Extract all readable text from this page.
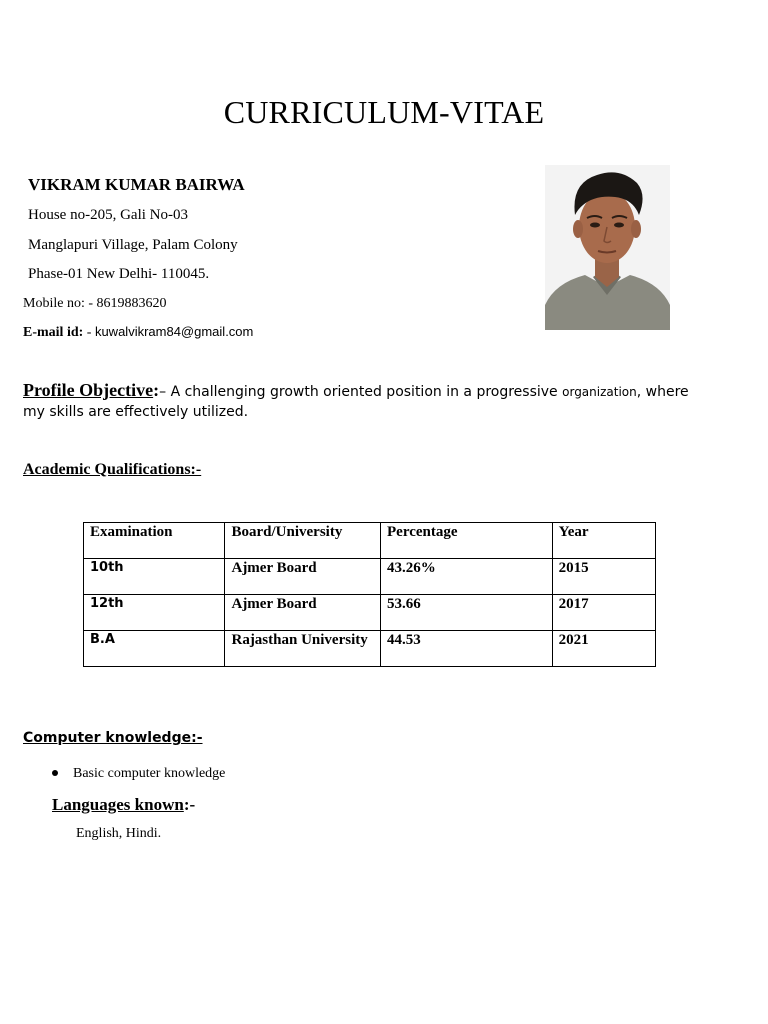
CURRICULUM-VITAE
VIKRAM KUMAR BAIRWA
House no-205, Gali No-03
Manglapuri Village, Palam Colony
Phase-01 New Delhi- 110045.
Mobile no: - 8619883620
E-mail id: - kuwalvikram84@gmail.com
Profile Objective:– A challenging growth oriented position in a progressive organization, where my skills are effectively utilized.
Academic Qualifications:-
Examination	Board/University	Percentage	Year
10th	Ajmer Board	43.26%	2015
12th	Ajmer Board	53.66	2017
B.A	Rajasthan University	44.53	2021
Computer knowledge:-
Basic computer knowledge
Languages known:-
English, Hindi.
